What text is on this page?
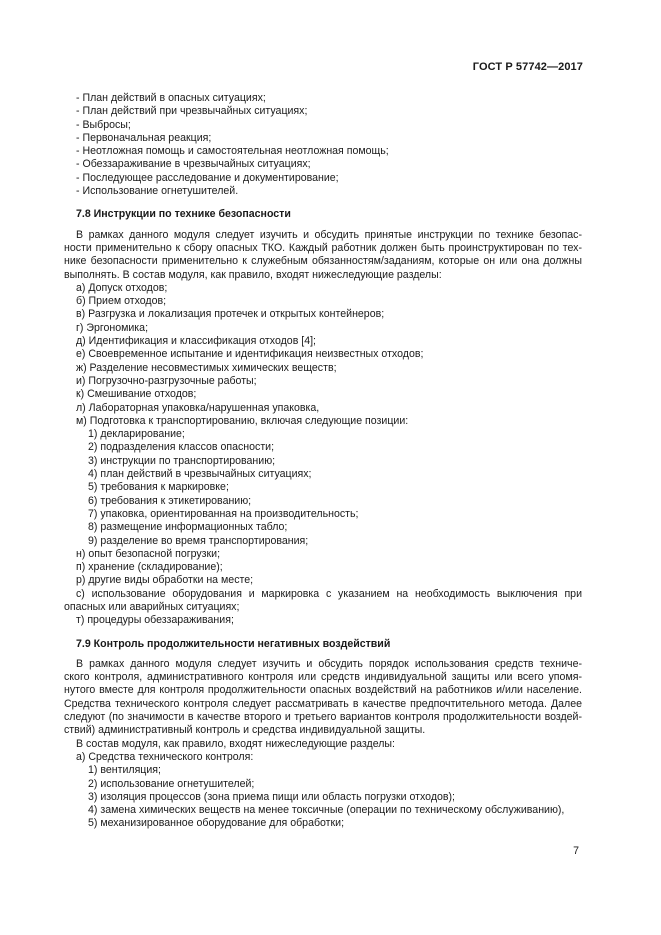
ГОСТ Р 57742—2017
- План действий в опасных ситуациях;
- План действий при чрезвычайных ситуациях;
- Выбросы;
- Первоначальная реакция;
- Неотложная помощь и самостоятельная неотложная помощь;
- Обеззараживание в чрезвычайных ситуациях;
- Последующее расследование и документирование;
- Использование огнетушителей.
7.8 Инструкции по технике безопасности
В рамках данного модуля следует изучить и обсудить принятые инструкции по технике безопас-
ности применительно к сбору опасных ТКО. Каждый работник должен быть проинструктирован по тех-
нике безопасности применительно к служебным обязанностям/заданиям, которые он или она должны
выполнять. В состав модуля, как правило, входят нижеследующие разделы:
а) Допуск отходов;
б) Прием отходов;
в) Разгрузка и локализация протечек и открытых контейнеров;
г) Эргономика;
д) Идентификация и классификация отходов [4];
е) Своевременное испытание и идентификация неизвестных отходов;
ж) Разделение несовместимых химических веществ;
и) Погрузочно-разгрузочные работы;
к) Смешивание отходов;
л) Лабораторная упаковка/нарушенная упаковка,
м) Подготовка к транспортированию, включая следующие позиции:
1) декларирование;
2) подразделения классов опасности;
3) инструкции по транспортированию;
4) план действий в чрезвычайных ситуациях;
5) требования к маркировке;
6) требования к этикетированию;
7) упаковка, ориентированная на производительность;
8) размещение информационных табло;
9) разделение во время транспортирования;
н) опыт безопасной погрузки;
п) хранение (складирование);
р) другие виды обработки на месте;
с) использование оборудования и маркировка с указанием на необходимость выключения при
опасных или аварийных ситуациях;
т) процедуры обеззараживания;
7.9 Контроль продолжительности негативных воздействий
В рамках данного модуля следует изучить и обсудить порядок использования средств техниче-
ского контроля, административного контроля или средств индивидуальной защиты или всего упомя-
нутого вместе для контроля продолжительности опасных воздействий на работников и/или население.
Средства технического контроля следует рассматривать в качестве предпочтительного метода. Далее
следуют (по значимости в качестве второго и третьего вариантов контроля продолжительности воздей-
ствий) административный контроль и средства индивидуальной защиты.
В состав модуля, как правило, входят нижеследующие разделы:
а) Средства технического контроля:
1) вентиляция;
2) использование огнетушителей;
3) изоляция процессов (зона приема пищи или область погрузки отходов);
4) замена химических веществ на менее токсичные (операции по техническому обслуживанию),
5) механизированное оборудование для обработки;
7
